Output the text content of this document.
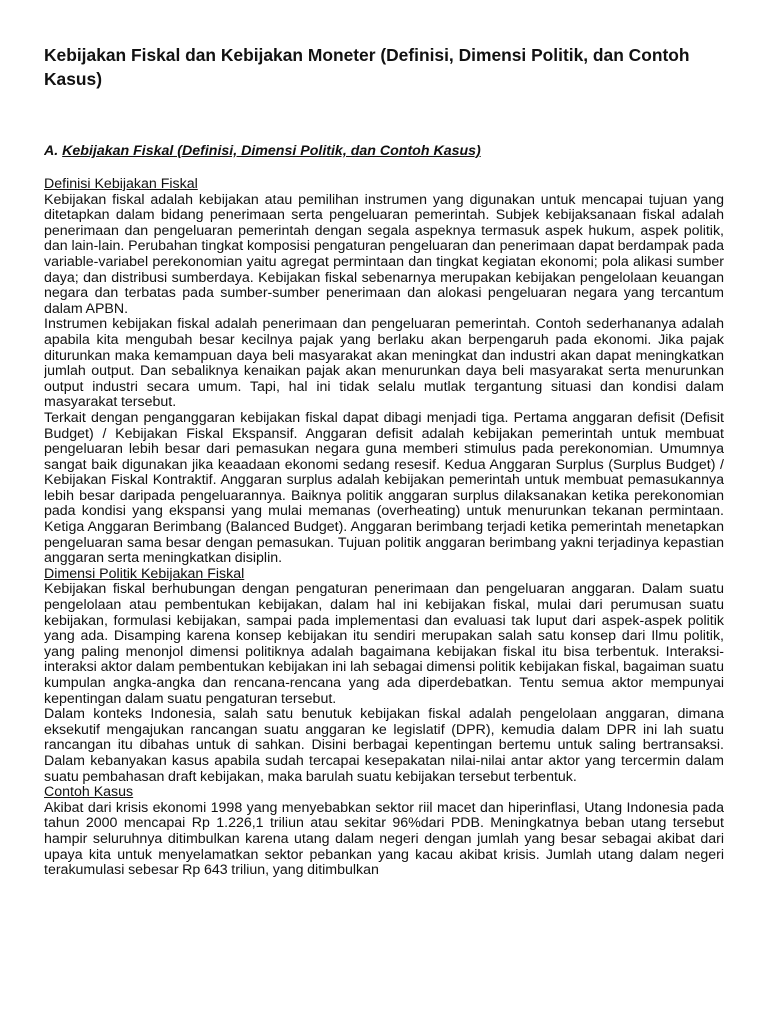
Kebijakan Fiskal dan Kebijakan Moneter (Definisi, Dimensi Politik, dan Contoh Kasus)
A. Kebijakan Fiskal (Definisi, Dimensi Politik, dan Contoh Kasus)
Definisi Kebijakan Fiskal

Kebijakan fiskal adalah kebijakan atau pemilihan instrumen yang digunakan untuk mencapai tujuan yang ditetapkan dalam bidang penerimaan serta pengeluaran pemerintah. Subjek kebijaksanaan fiskal adalah penerimaan dan pengeluaran pemerintah dengan segala aspeknya termasuk aspek hukum, aspek politik, dan lain-lain. Perubahan tingkat komposisi pengaturan pengeluaran dan penerimaan dapat berdampak pada variable-variabel perekonomian yaitu agregat permintaan dan tingkat kegiatan ekonomi; pola alikasi sumber daya; dan distribusi sumberdaya. Kebijakan fiskal sebenarnya merupakan kebijakan pengelolaan keuangan negara dan terbatas pada sumber-sumber penerimaan dan alokasi pengeluaran negara yang tercantum dalam APBN.

Instrumen kebijakan fiskal adalah penerimaan dan pengeluaran pemerintah. Contoh sederhananya adalah apabila kita mengubah besar kecilnya pajak yang berlaku akan berpengaruh pada ekonomi. Jika pajak diturunkan maka kemampuan daya beli masyarakat akan meningkat dan industri akan dapat meningkatkan jumlah output. Dan sebaliknya kenaikan pajak akan menurunkan daya beli masyarakat serta menurunkan output industri secara umum. Tapi, hal ini tidak selalu mutlak tergantung situasi dan kondisi dalam masyarakat tersebut.

Terkait dengan penganggaran kebijakan fiskal dapat dibagi menjadi tiga. Pertama anggaran defisit (Defisit Budget) / Kebijakan Fiskal Ekspansif. Anggaran defisit adalah kebijakan pemerintah untuk membuat pengeluaran lebih besar dari pemasukan negara guna memberi stimulus pada perekonomian. Umumnya sangat baik digunakan jika keaadaan ekonomi sedang resesif. Kedua Anggaran Surplus (Surplus Budget) / Kebijakan Fiskal Kontraktif. Anggaran surplus adalah kebijakan pemerintah untuk membuat pemasukannya lebih besar daripada pengeluarannya. Baiknya politik anggaran surplus dilaksanakan ketika perekonomian pada kondisi yang ekspansi yang mulai memanas (overheating) untuk menurunkan tekanan permintaan. Ketiga Anggaran Berimbang (Balanced Budget). Anggaran berimbang terjadi ketika pemerintah menetapkan pengeluaran sama besar dengan pemasukan. Tujuan politik anggaran berimbang yakni terjadinya kepastian anggaran serta meningkatkan disiplin.

Dimensi Politik Kebijakan Fiskal

Kebijakan fiskal berhubungan dengan pengaturan penerimaan dan pengeluaran anggaran. Dalam suatu pengelolaan atau pembentukan kebijakan, dalam hal ini kebijakan fiskal, mulai dari perumusan suatu kebijakan, formulasi kebijakan, sampai pada implementasi dan evaluasi tak luput dari aspek-aspek politik yang ada. Disamping karena konsep kebijakan itu sendiri merupakan salah satu konsep dari Ilmu politik, yang paling menonjol dimensi politiknya adalah bagaimana kebijakan fiskal itu bisa terbentuk. Interaksi-interaksi aktor dalam pembentukan kebijakan ini lah sebagai dimensi politik kebijakan fiskal, bagaiman suatu kumpulan angka-angka dan rencana-rencana yang ada diperdebatkan. Tentu semua aktor mempunyai kepentingan dalam suatu pengaturan tersebut.

Dalam konteks Indonesia, salah satu benutuk kebijakan fiskal adalah pengelolaan anggaran, dimana eksekutif mengajukan rancangan suatu anggaran ke legislatif (DPR), kemudia dalam DPR ini lah suatu rancangan itu dibahas untuk di sahkan. Disini berbagai kepentingan bertemu untuk saling bertransaksi. Dalam kebanyakan kasus apabila sudah tercapai kesepakatan nilai-nilai antar aktor yang tercermin dalam suatu pembahasan draft kebijakan, maka barulah suatu kebijakan tersebut terbentuk.

Contoh Kasus

Akibat dari krisis ekonomi 1998 yang menyebabkan sektor riil macet dan hiperinflasi, Utang Indonesia pada tahun 2000 mencapai Rp 1.226,1 triliun atau sekitar 96%dari PDB. Meningkatnya beban utang tersebut hampir seluruhnya ditimbulkan karena utang dalam negeri dengan jumlah yang besar sebagai akibat dari upaya kita untuk menyelamatkan sektor pebankan yang kacau akibat krisis. Jumlah utang dalam negeri terakumulasi sebesar Rp 643 triliun, yang ditimbulkan
